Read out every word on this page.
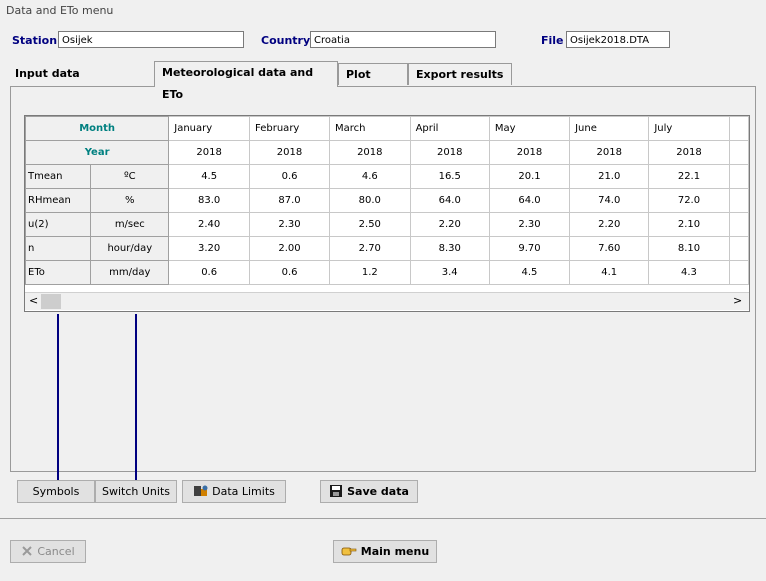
Data and ETo menu
Station Osijek	Country Croatia	File Osijek2018.DTA
Input data	Meteorological data and ETo
Plot	Export results
Month		January	February	March	April	May	June	July	
Year		2018	2018	2018	2018	2018	2018	2018	
Tmean	ºC	4.5	0.6	4.6	16.5	20.1	21.0	22.1	
RHmean	%	83.0	87.0	80.0	64.0	64.0	74.0	72.0	
u(2)	m/sec	2.40	2.30	2.50	2.20	2.30	2.20	2.10	
n	hour/day	3.20	2.00	2.70	8.30	9.70	7.60	8.10	
ETo	mm/day	0.6	0.6	1.2	3.4	4.5	4.1	4.3	
<	>
Symbols	Switch Units	Data Limits	Save data
Cancel	Main menu
